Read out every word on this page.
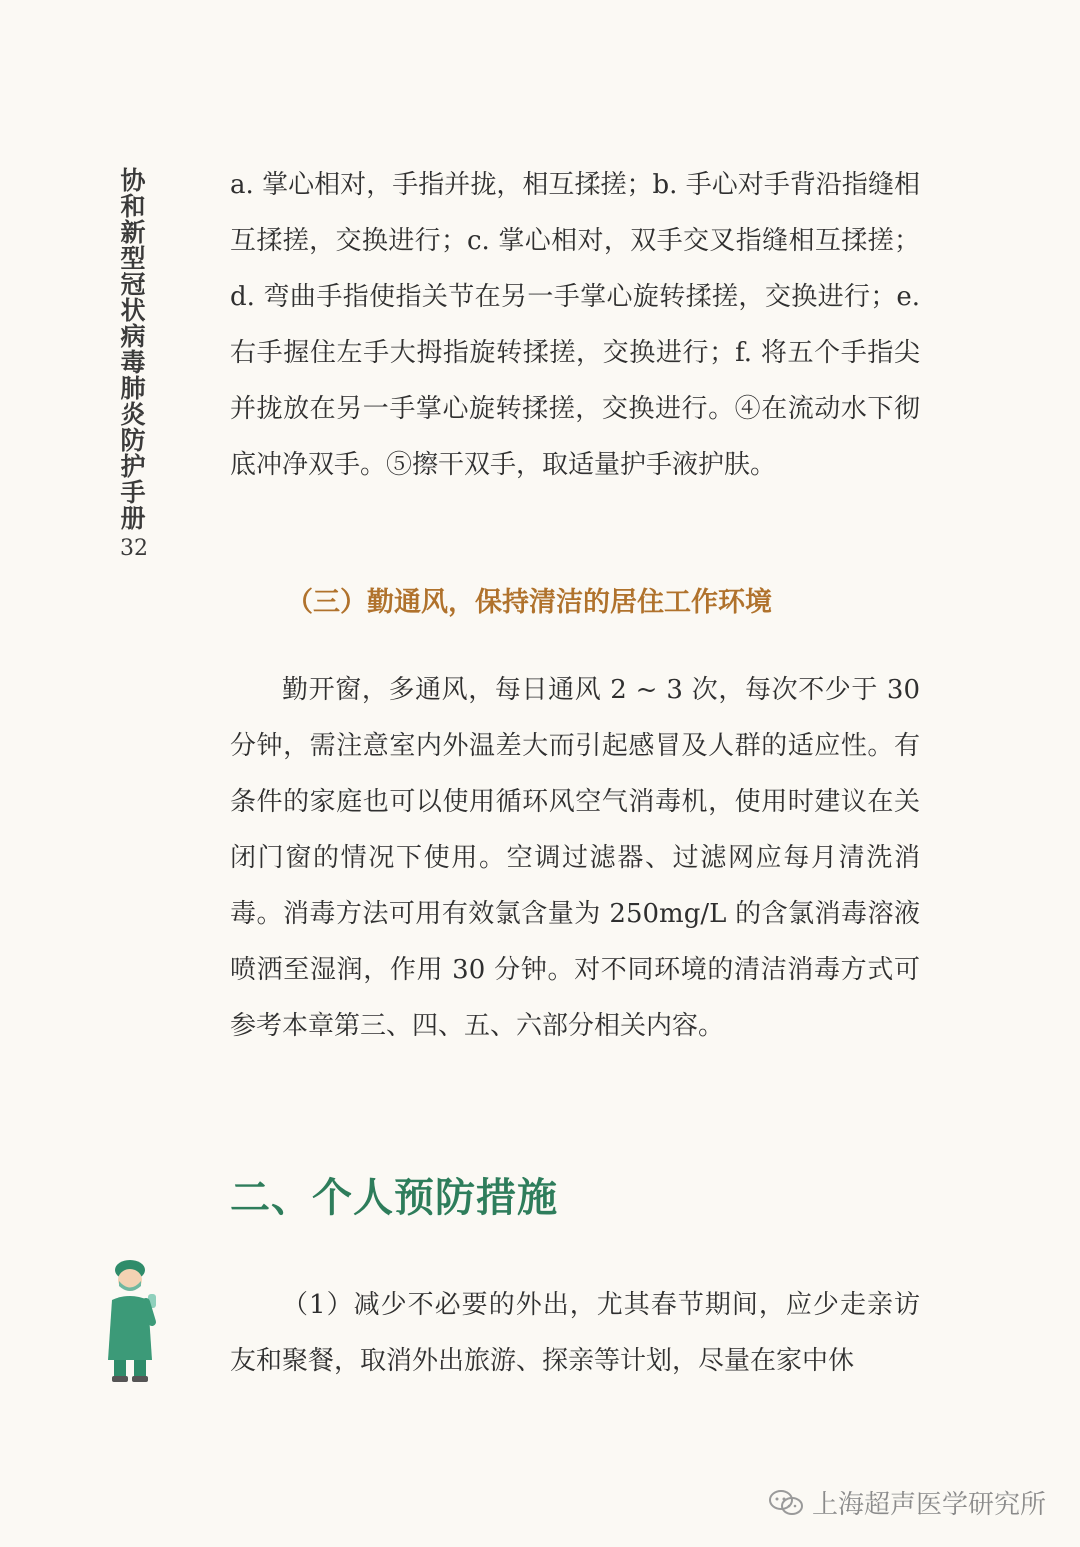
协和新型冠状病毒肺炎防护手册
32
a. 掌心相对，手指并拢，相互揉搓；b. 手心对手背沿指缝相互揉搓，交换进行；c. 掌心相对，双手交叉指缝相互揉搓；d. 弯曲手指使指关节在另一手掌心旋转揉搓，交换进行；e. 右手握住左手大拇指旋转揉搓，交换进行；f. 将五个手指尖并拢放在另一手掌心旋转揉搓，交换进行。④在流动水下彻底冲净双手。⑤擦干双手，取适量护手液护肤。
（三）勤通风，保持清洁的居住工作环境
勤开窗，多通风，每日通风 2 ~ 3 次，每次不少于 30 分钟，需注意室内外温差大而引起感冒及人群的适应性。有条件的家庭也可以使用循环风空气消毒机，使用时建议在关闭门窗的情况下使用。空调过滤器、过滤网应每月清洗消毒。消毒方法可用有效氯含量为 250mg/L 的含氯消毒溶液喷洒至湿润，作用 30 分钟。对不同环境的清洁消毒方式可参考本章第三、四、五、六部分相关内容。
二、个人预防措施
（1）减少不必要的外出，尤其春节期间，应少走亲访友和聚餐，取消外出旅游、探亲等计划，尽量在家中休
上海超声医学研究所
